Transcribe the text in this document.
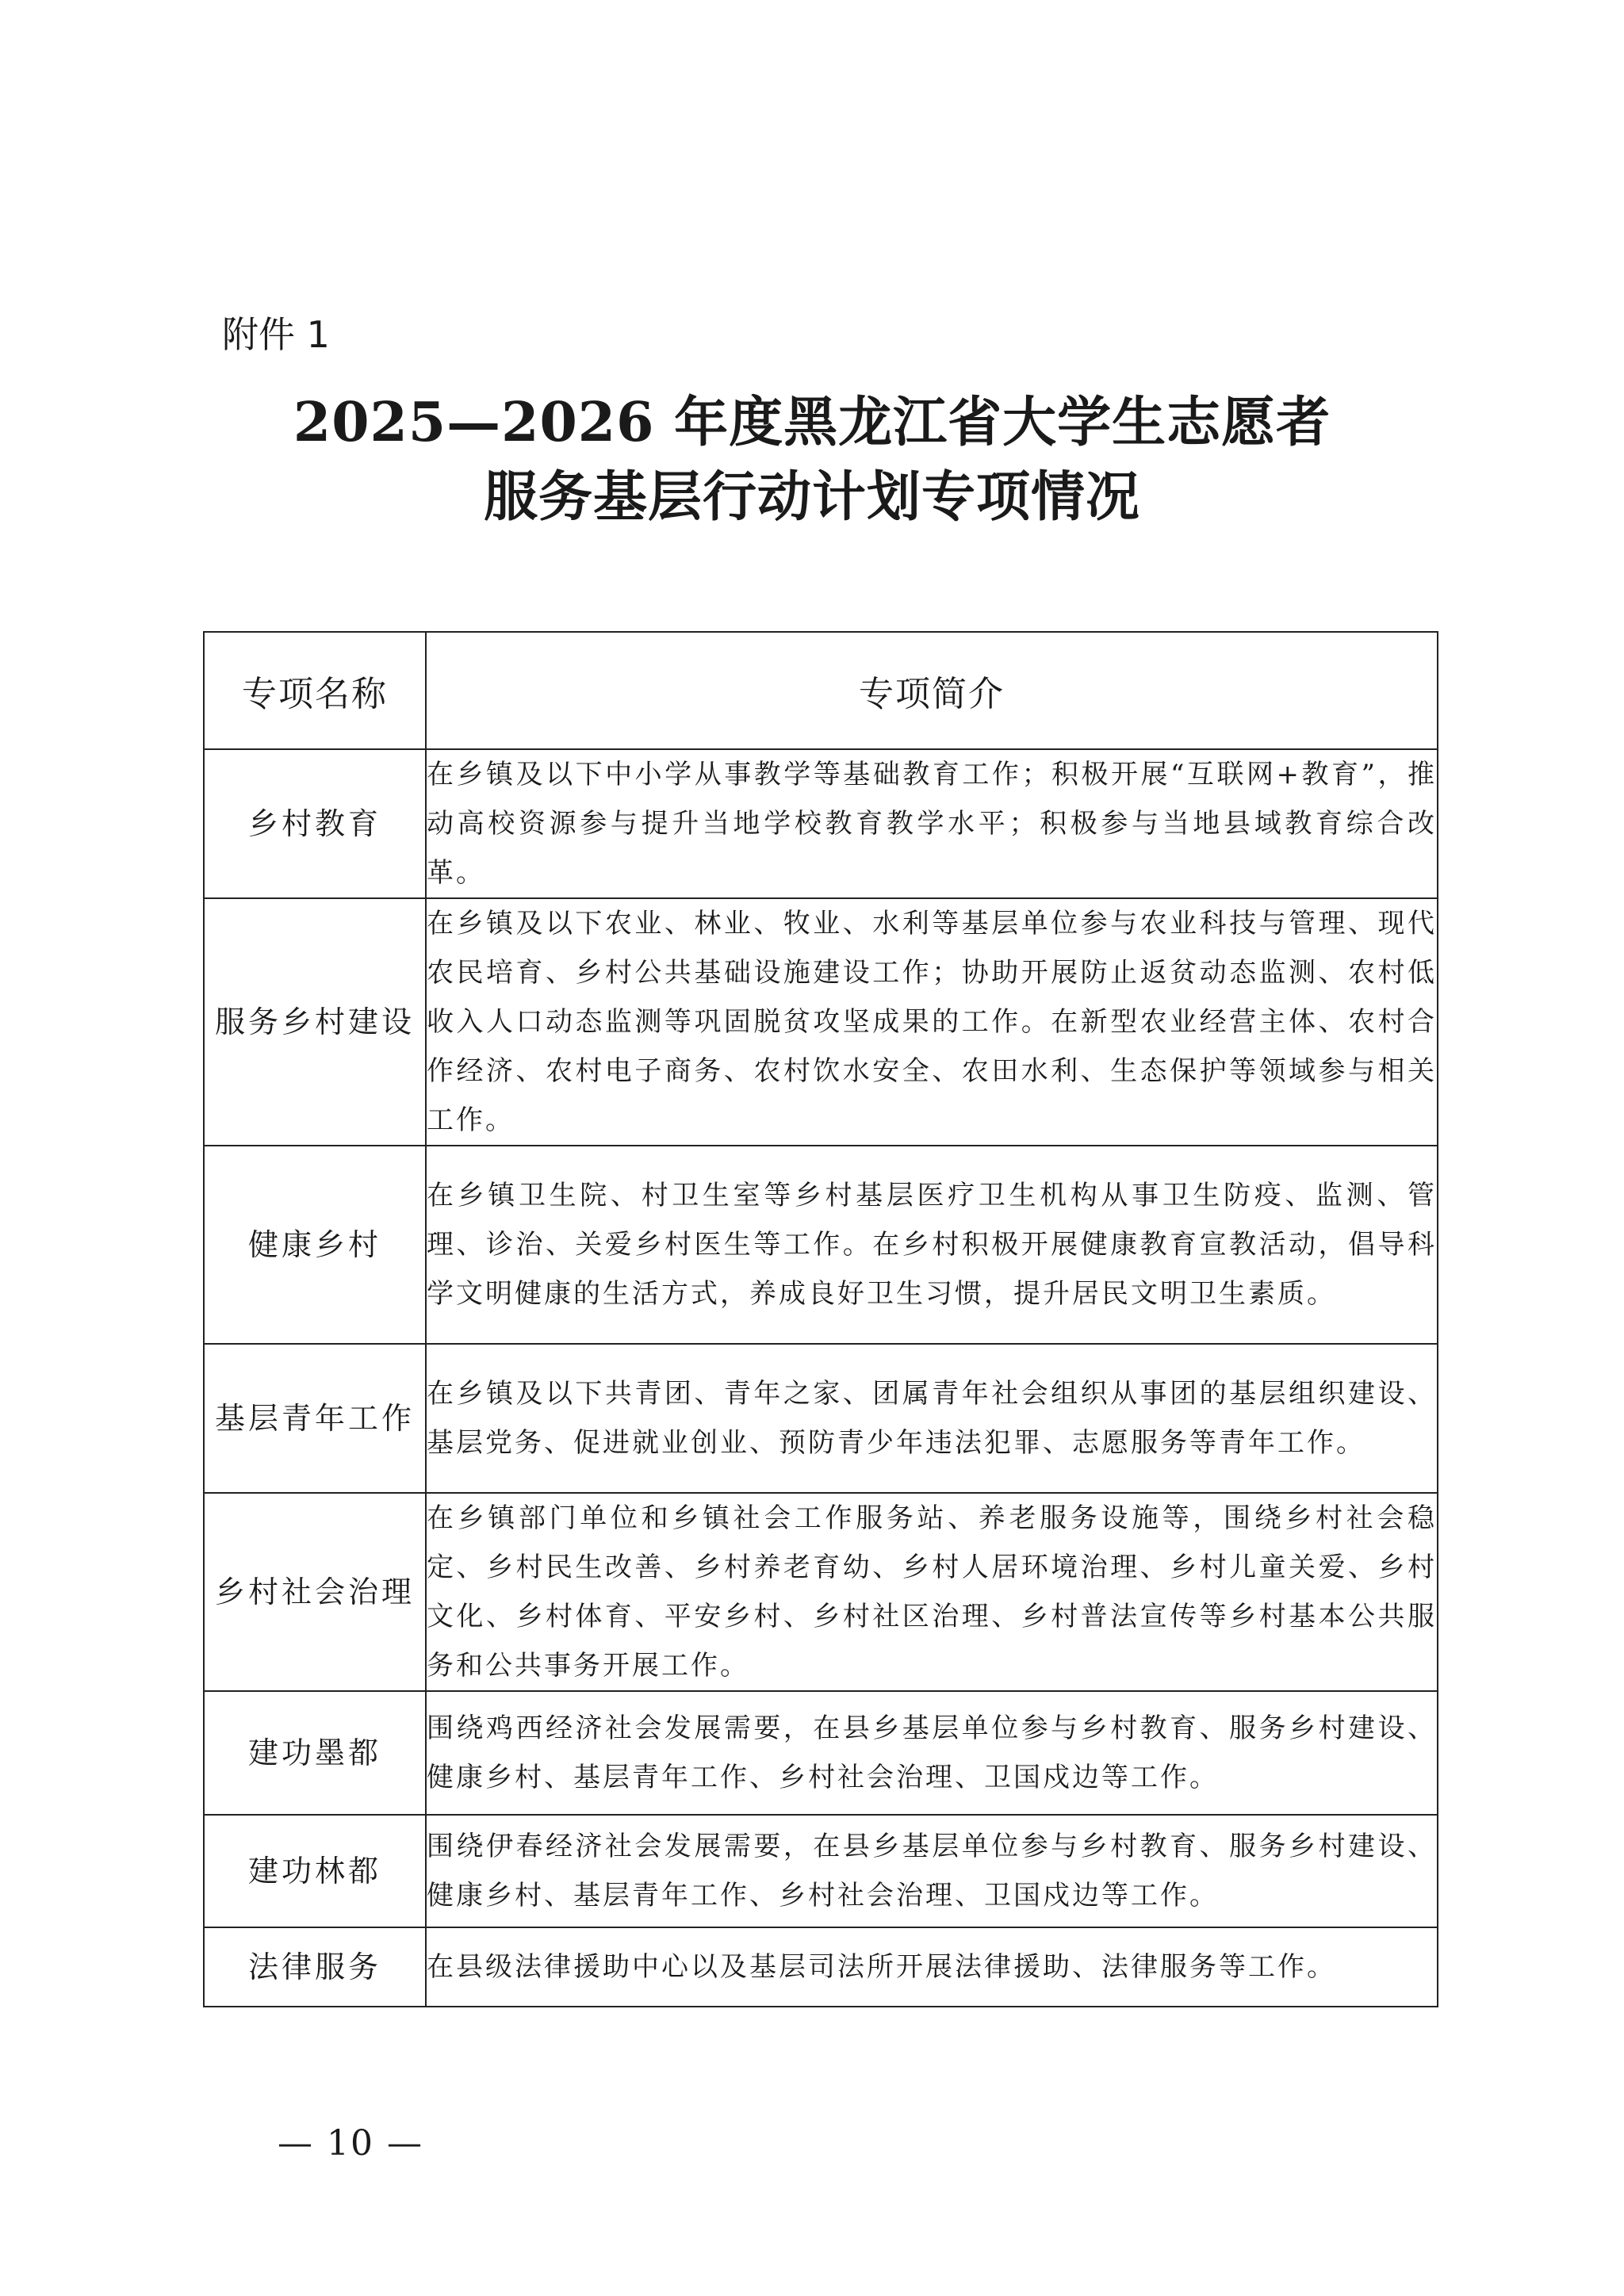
附件 1
2025—2026 年度黑龙江省大学生志愿者
服务基层行动计划专项情况
专项名称	专项简介
乡村教育	在乡镇及以下中小学从事教学等基础教育工作；积极开展“互联网+教育”，推动高校资源参与提升当地学校教育教学水平；积极参与当地县域教育综合改革。
服务乡村建设	在乡镇及以下农业、林业、牧业、水利等基层单位参与农业科技与管理、现代农民培育、乡村公共基础设施建设工作；协助开展防止返贫动态监测、农村低收入人口动态监测等巩固脱贫攻坚成果的工作。在新型农业经营主体、农村合作经济、农村电子商务、农村饮水安全、农田水利、生态保护等领域参与相关工作。
健康乡村	在乡镇卫生院、村卫生室等乡村基层医疗卫生机构从事卫生防疫、监测、管理、诊治、关爱乡村医生等工作。在乡村积极开展健康教育宣教活动，倡导科学文明健康的生活方式，养成良好卫生习惯，提升居民文明卫生素质。
基层青年工作	在乡镇及以下共青团、青年之家、团属青年社会组织从事团的基层组织建设、基层党务、促进就业创业、预防青少年违法犯罪、志愿服务等青年工作。
乡村社会治理	在乡镇部门单位和乡镇社会工作服务站、养老服务设施等，围绕乡村社会稳定、乡村民生改善、乡村养老育幼、乡村人居环境治理、乡村儿童关爱、乡村文化、乡村体育、平安乡村、乡村社区治理、乡村普法宣传等乡村基本公共服务和公共事务开展工作。
建功墨都	围绕鸡西经济社会发展需要，在县乡基层单位参与乡村教育、服务乡村建设、健康乡村、基层青年工作、乡村社会治理、卫国戍边等工作。
建功林都	围绕伊春经济社会发展需要，在县乡基层单位参与乡村教育、服务乡村建设、健康乡村、基层青年工作、乡村社会治理、卫国戍边等工作。
法律服务	在县级法律援助中心以及基层司法所开展法律援助、法律服务等工作。
— 10 —
